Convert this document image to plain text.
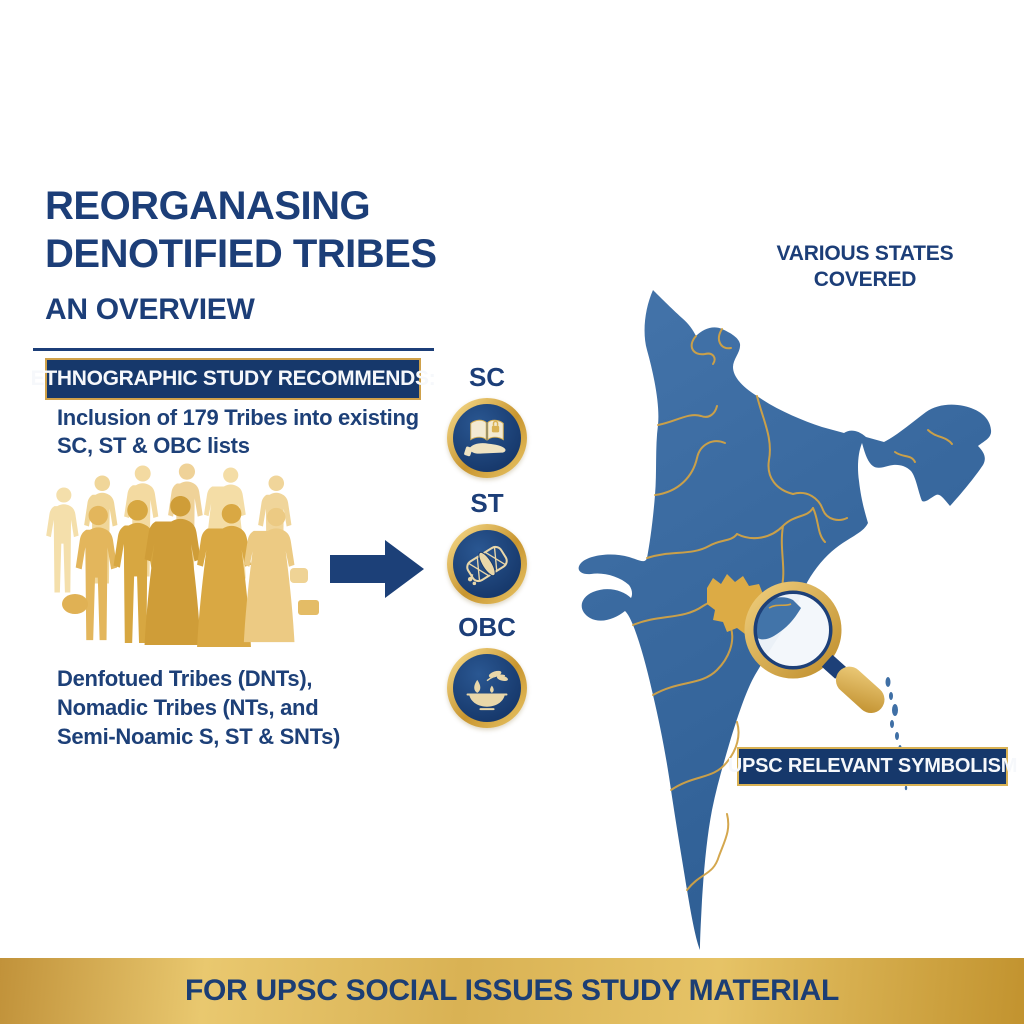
REORGANASING
DENOTIFIED TRIBES
AN OVERVIEW
ETHNOGRAPHIC STUDY RECOMMENDS:
Inclusion of 179 Tribes into existing
SC, ST & OBC lists
Denfotued Tribes (DNTs),
Nomadic Tribes (NTs, and
Semi-Noamic S, ST & SNTs)
SC
ST
OBC
VARIOUS STATES
COVERED
UPSC RELEVANT SYMBOLISM
FOR UPSC SOCIAL ISSUES STUDY MATERIAL
